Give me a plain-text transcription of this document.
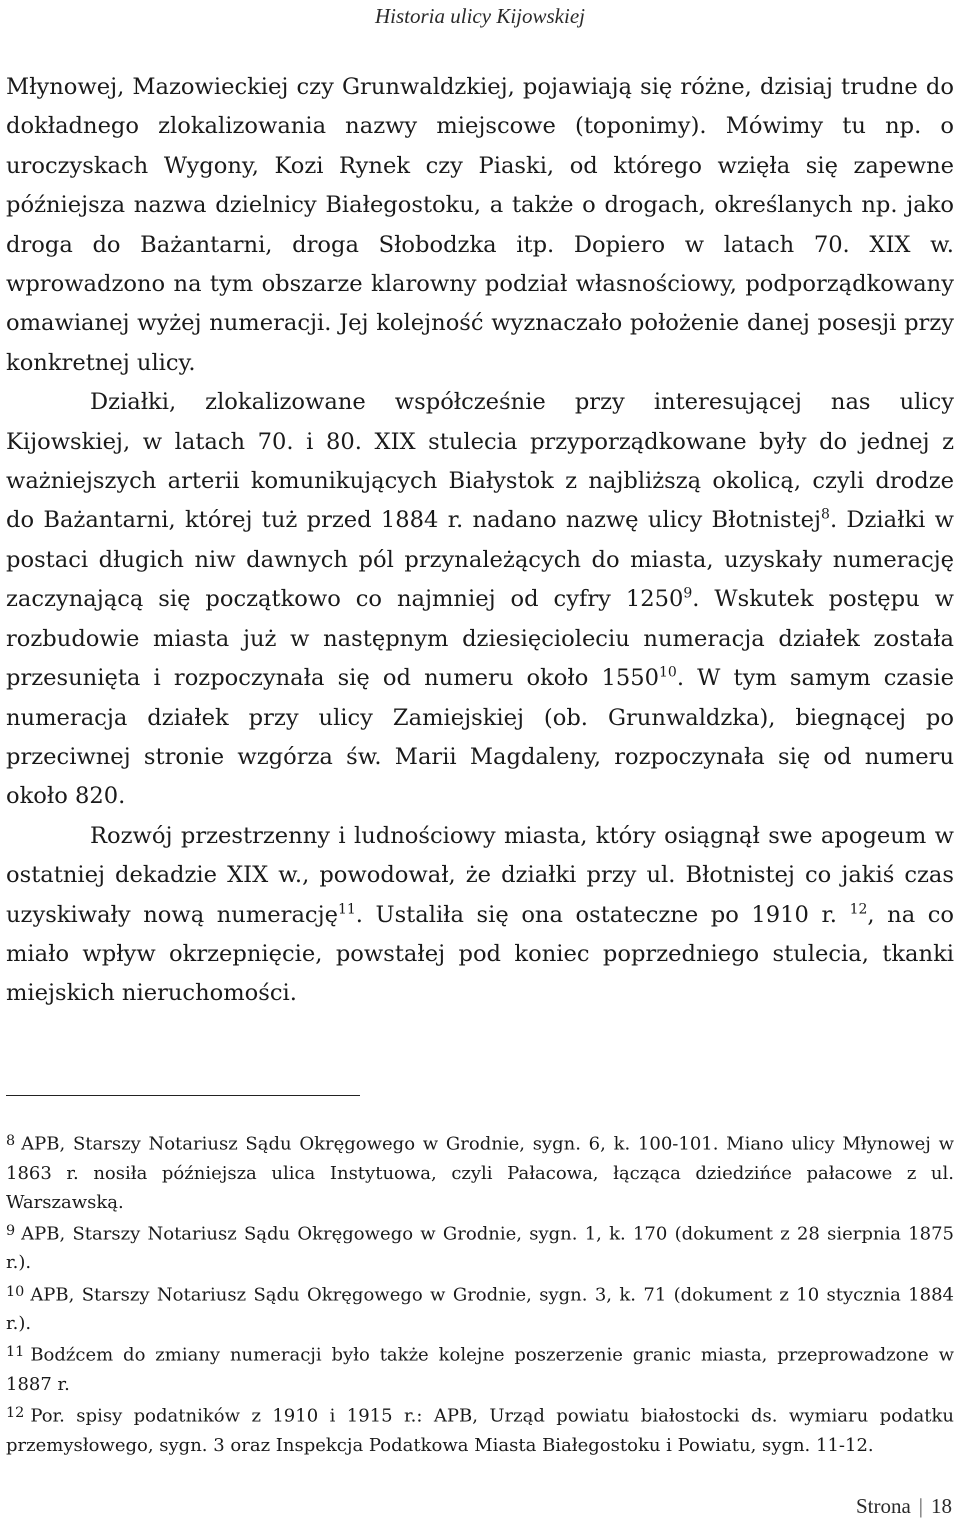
Historia ulicy Kijowskiej

Młynowej, Mazowieckiej czy Grunwaldzkiej, pojawiają się różne, dzisiaj trudne do dokładnego zlokalizowania nazwy miejscowe (toponimy). Mówimy tu np. o uroczyskach Wygony, Kozi Rynek czy Piaski, od którego wzięła się zapewne późniejsza nazwa dzielnicy Białegostoku, a także o drogach, określanych np. jako droga do Bażantarni, droga Słobodzka itp. Dopiero w latach 70. XIX w. wprowadzono na tym obszarze klarowny podział własnościowy, podporządkowany omawianej wyżej numeracji. Jej kolejność wyznaczało położenie danej posesji przy konkretnej ulicy.

Działki, zlokalizowane współcześnie przy interesującej nas ulicy Kijowskiej, w latach 70. i 80. XIX stulecia przyporządkowane były do jednej z ważniejszych arterii komunikujących Białystok z najbliższą okolicą, czyli drodze do Bażantarni, której tuż przed 1884 r. nadano nazwę ulicy Błotnistej$^8$. Działki w postaci długich niw dawnych pól przynależących do miasta, uzyskały numerację zaczynającą się początkowo co najmniej od cyfry 1250$^9$. Wskutek postępu w rozbudowie miasta już w następnym dziesięcioleciu numeracja działek została przesunięta i rozpoczynała się od numeru około 1550$^{10}$. W tym samym czasie numeracja działek przy ulicy Zamiejskiej (ob. Grunwaldzka), biegnącej po przeciwnej stronie wzgórza św. Marii Magdaleny, rozpoczynała się od numeru około 820.

Rozwój przestrzenny i ludnościowy miasta, który osiągnął swe apogeum w ostatniej dekadzie XIX w., powodował, że działki przy ul. Błotnistej co jakiś czas uzyskiwały nową numerację$^{11}$. Ustaliła się ona ostateczne po 1910 r. $^{12}$, na co miało wpływ okrzepnięcie, powstałej pod koniec poprzedniego stulecia, tkanki miejskich nieruchomości.

$^8$ APB, Starszy Notariusz Sądu Okręgowego w Grodnie, sygn. 6, k. 100-101. Miano ulicy Młynowej w 1863 r. nosiła późniejsza ulica Instytuowa, czyli Pałacowa, łącząca dziedzińce pałacowe z ul. Warszawską.

$^9$ APB, Starszy Notariusz Sądu Okręgowego w Grodnie, sygn. 1, k. 170 (dokument z 28 sierpnia 1875 r.).

$^{10}$ APB, Starszy Notariusz Sądu Okręgowego w Grodnie, sygn. 3, k. 71 (dokument z 10 stycznia 1884 r.).

$^{11}$ Bodźcem do zmiany numeracji było także kolejne poszerzenie granic miasta, przeprowadzone w 1887 r.

$^{12}$ Por. spisy podatników z 1910 i 1915 r.: APB, Urząd powiatu białostocki ds. wymiaru podatku przemysłowego, sygn. 3 oraz Inspekcja Podatkowa Miasta Białegostoku i Powiatu, sygn. 11-12.

Strona | 18
